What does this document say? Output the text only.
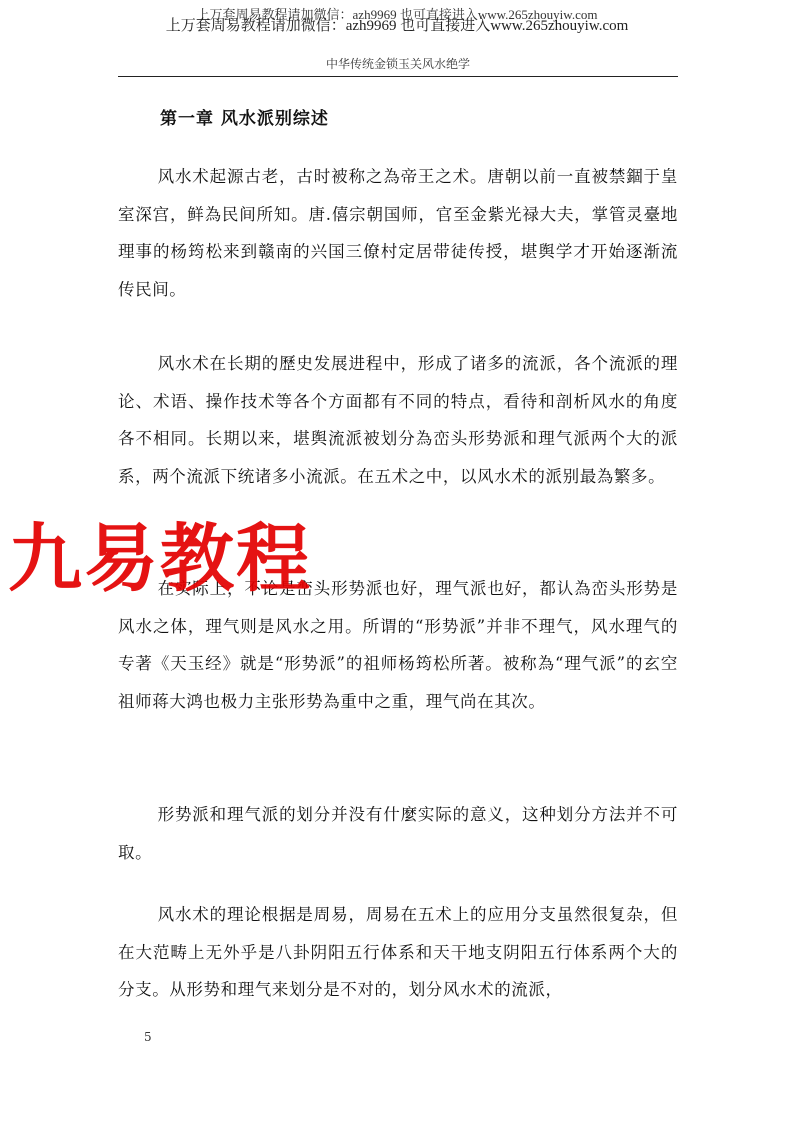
上万套周易教程请加微信：azh9969 也可直接进入www.265zhouyiw.com
上万套周易教程请加微信：azh9969 也可直接进入www.265zhouyiw.com
中华传统金锁玉关风水绝学
第一章 风水派别综述

风水术起源古老，古时被称之為帝王之术。唐朝以前一直被禁錮于皇室深宫，鲜為民间所知。唐.僖宗朝国师，官至金紫光禄大夫，掌管灵臺地理事的杨筠松来到赣南的兴国三僚村定居带徒传授，堪舆学才开始逐渐流传民间。

风水术在长期的歷史发展进程中，形成了诸多的流派，各个流派的理论、术语、操作技术等各个方面都有不同的特点，看待和剖析风水的角度各不相同。长期以来，堪舆流派被划分為峦头形势派和理气派两个大的派系，两个流派下统诸多小流派。在五术之中，以风水术的派别最為繁多。

在实际上，不论是峦头形势派也好，理气派也好，都认為峦头形势是风水之体，理气则是风水之用。所谓的“形势派”并非不理气，风水理气的专著《天玉经》就是“形势派”的祖师杨筠松所著。被称為“理气派”的玄空祖师蒋大鸿也极力主张形势為重中之重，理气尚在其次。

形势派和理气派的划分并没有什麼实际的意义，这种划分方法并不可取。

风水术的理论根据是周易，周易在五术上的应用分支虽然很复杂，但在大范畴上无外乎是八卦阴阳五行体系和天干地支阴阳五行体系两个大的分支。从形势和理气来划分是不对的，划分风水术的流派，

九易教程
5
